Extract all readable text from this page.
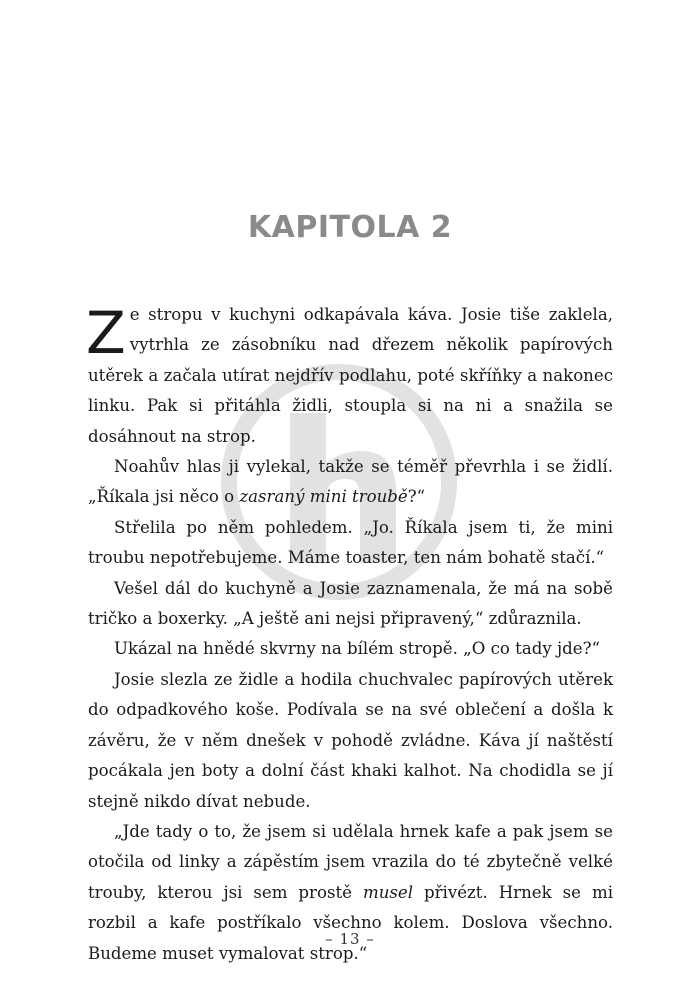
KAPITOLA 2

Ze stropu v kuchyni odkapávala káva. Josie tiše zaklela, vytrhla ze zásobníku nad dřezem několik papírových utěrek a začala utírat nejdřív podlahu, poté skříňky a nakonec linku. Pak si přitáhla židli, stoupla si na ni a snažila se dosáhnout na strop.

Noahův hlas ji vylekal, takže se téměř převrhla i se židlí. „Říkala jsi něco o zasraný mini troubě?“

Střelila po něm pohledem. „Jo. Říkala jsem ti, že mini troubu nepotřebujeme. Máme toaster, ten nám bohatě stačí.“

Vešel dál do kuchyně a Josie zaznamenala, že má na sobě tričko a boxerky. „A ještě ani nejsi připravený,“ zdůraznila.

Ukázal na hnědé skvrny na bílém stropě. „O co tady jde?“

Josie slezla ze židle a hodila chuchvalec papírových utěrek do odpadkového koše. Podívala se na své oblečení a došla k závěru, že v něm dnešek v pohodě zvládne. Káva jí naštěstí pocákala jen boty a dolní část khaki kalhot. Na chodidla se jí stejně nikdo dívat nebude.

„Jde tady o to, že jsem si udělala hrnek kafe a pak jsem se otočila od linky a zápěstím jsem vrazila do té zbytečně velké trouby, kterou jsi sem prostě musel přivézt. Hrnek se mi rozbil a kafe postříkalo všechno kolem. Doslova všechno. Budeme muset vymalovat strop.“

– 13 –
